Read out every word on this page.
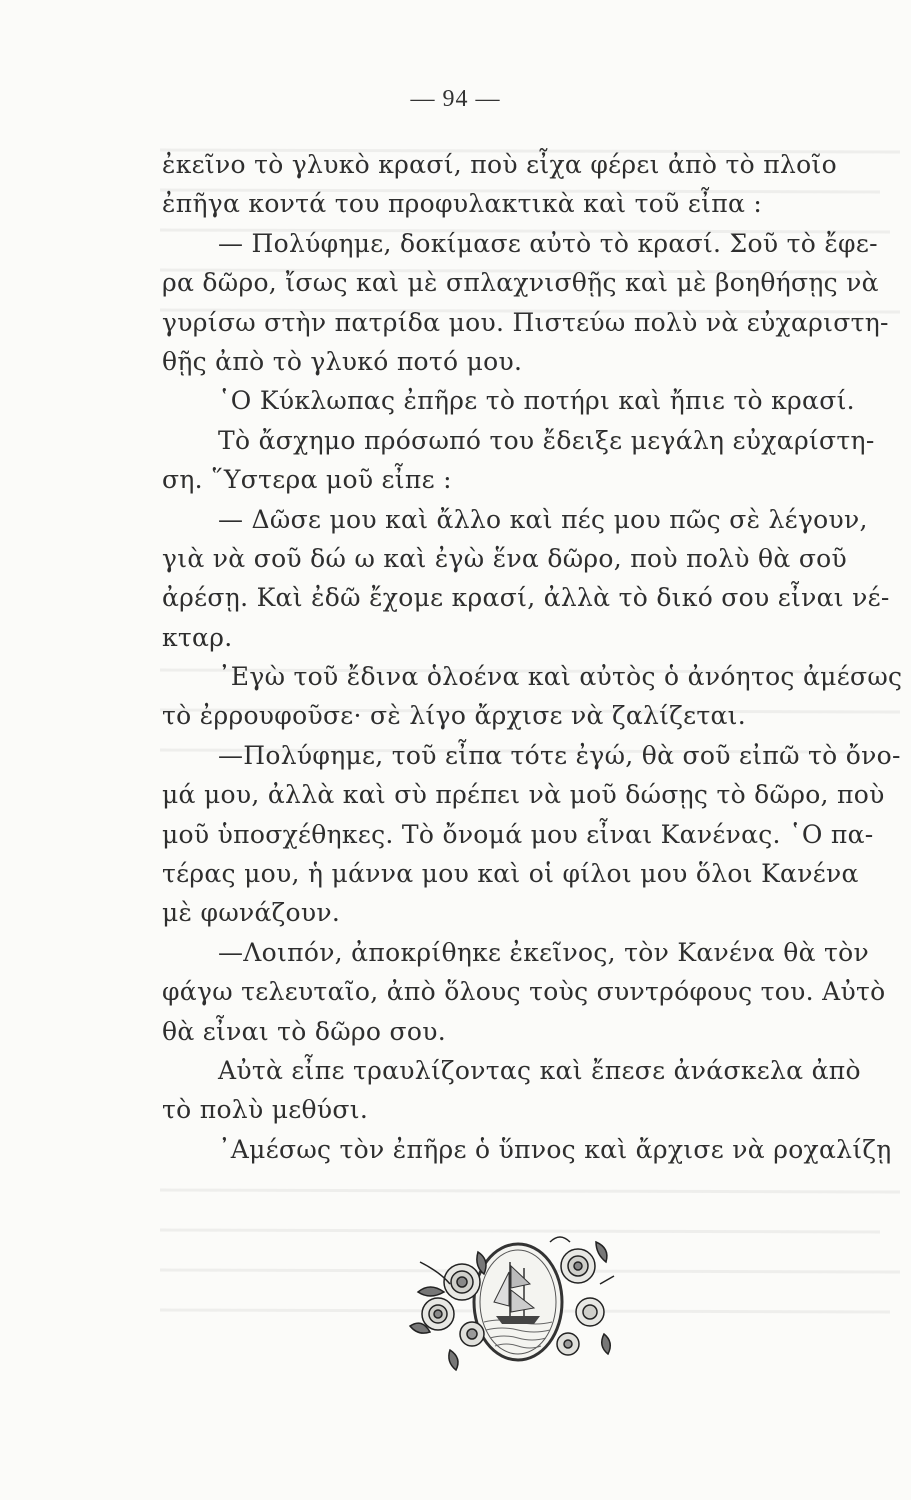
— 94 —
ἐκεῖνο τὸ γλυκὸ κρασί, ποὺ εἶχα φέρει ἀπὸ τὸ πλοῖο
ἐπῆγα κοντά του προφυλακτικὰ καὶ τοῦ εἶπα :
— Πολύφημε, δοκίμασε αὐτὸ τὸ κρασί. Σοῦ τὸ ἔφε-
ρα δῶρο, ἴσως καὶ μὲ σπλαχνισθῇς καὶ μὲ βοηθήσῃς νὰ
γυρίσω στὴν πατρίδα μου. Πιστεύω πολὺ νὰ εὐχαριστη-
θῇς ἀπὸ τὸ γλυκό ποτό μου.
῾Ο Κύκλωπας ἐπῆρε τὸ ποτήρι καὶ ἤπιε τὸ κρασί.
Τὸ ἄσχημο πρόσωπό του ἔδειξε μεγάλη εὐχαρίστη-
ση. ῞Υστερα μοῦ εἶπε :
— Δῶσε μου καὶ ἄλλο καὶ πές μου πῶς σὲ λέγουν,
γιὰ νὰ σοῦ δώ ω καὶ ἐγὼ ἕνα δῶρο, ποὺ πολὺ θὰ σοῦ
ἀρέσῃ. Καὶ ἐδῶ ἔχομε κρασί, ἀλλὰ τὸ δικό σου εἶναι νέ-
κταρ.
᾿Εγὼ τοῦ ἔδινα ὁλοένα καὶ αὐτὸς ὁ ἀνόητος ἀμέσως
τὸ ἐρρουφοῦσε· σὲ λίγο ἄρχισε νὰ ζαλίζεται.
—Πολύφημε, τοῦ εἶπα τότε ἐγώ, θὰ σοῦ εἰπῶ τὸ ὄνο-
μά μου, ἀλλὰ καὶ σὺ πρέπει νὰ μοῦ δώσῃς τὸ δῶρο, ποὺ
μοῦ ὑποσχέθηκες. Τὸ ὄνομά μου εἶναι Κανένας. ῾Ο πα-
τέρας μου, ἡ μάννα μου καὶ οἱ φίλοι μου ὅλοι Κανένα
μὲ φωνάζουν.
—Λοιπόν, ἀποκρίθηκε ἐκεῖνος, τὸν Κανένα θὰ τὸν
φάγω τελευταῖο, ἀπὸ ὅλους τοὺς συντρόφους του. Αὐτὸ
θὰ εἶναι τὸ δῶρο σου.
Αὐτὰ εἶπε τραυλίζοντας καὶ ἔπεσε ἀνάσκελα ἀπὸ
τὸ πολὺ μεθύσι.
᾿Αμέσως τὸν ἐπῆρε ὁ ὕπνος καὶ ἄρχισε νὰ ροχαλίζῃ
